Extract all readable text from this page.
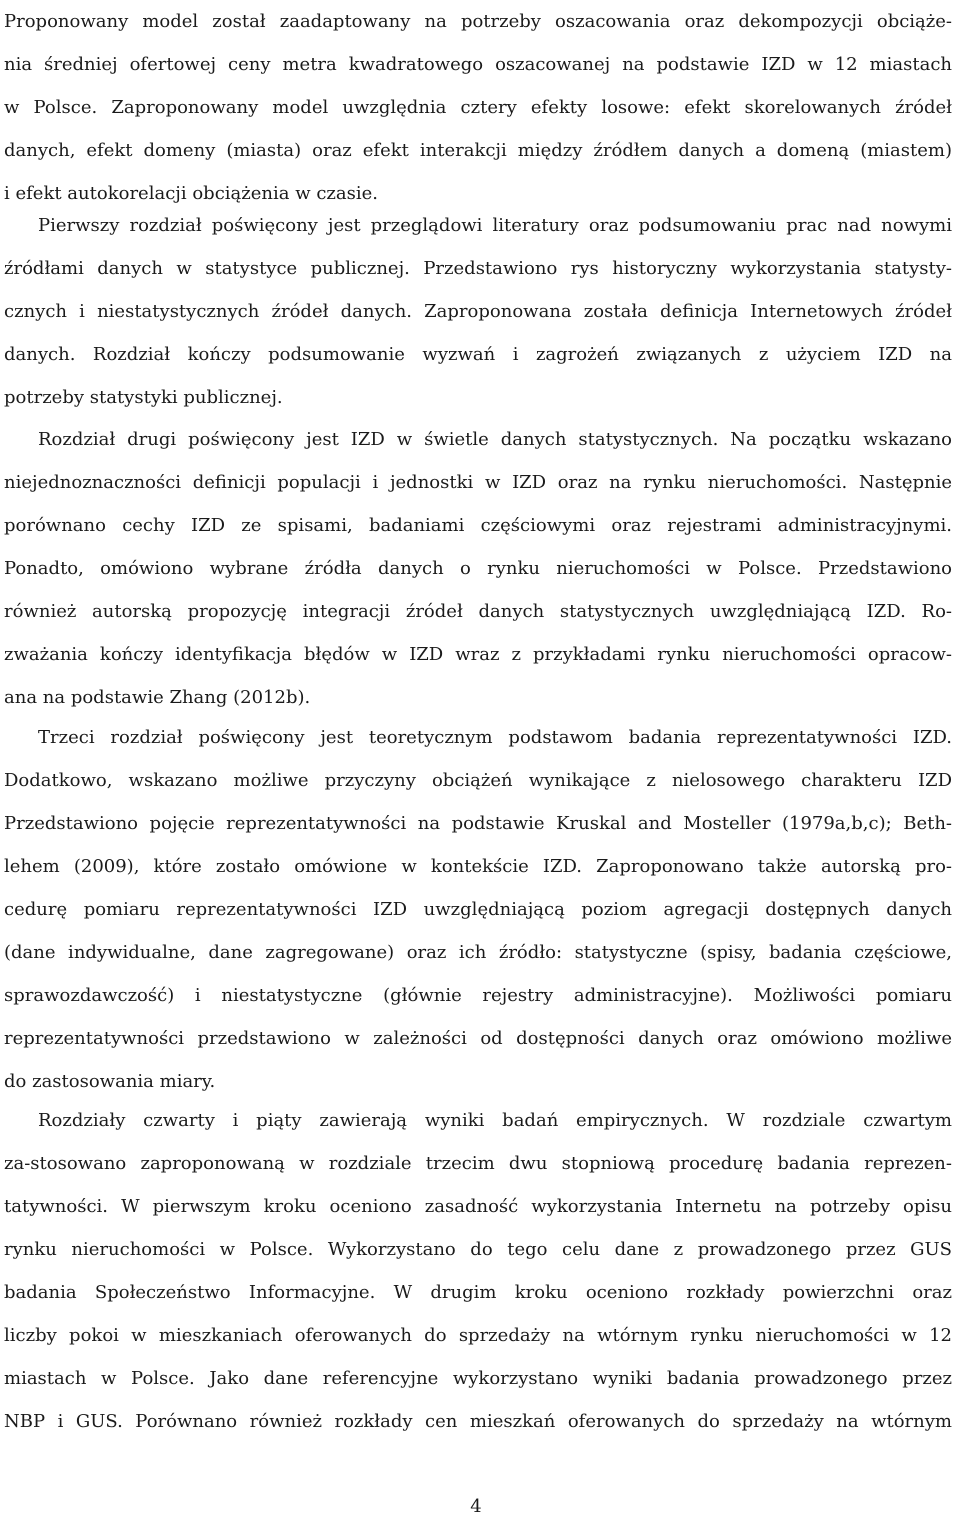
Proponowany model został zaadaptowany na potrzeby oszacowania oraz dekompozycji obciąże-
nia średniej ofertowej ceny metra kwadratowego oszacowanej na podstawie IZD w 12 miastach
w Polsce. Zaproponowany model uwzględnia cztery efekty losowe: efekt skorelowanych źródeł
danych, efekt domeny (miasta) oraz efekt interakcji między źródłem danych a domeną (miastem)
i efekt autokorelacji obciążenia w czasie.
Pierwszy rozdział poświęcony jest przeglądowi literatury oraz podsumowaniu prac nad nowymi
źródłami danych w statystyce publicznej. Przedstawiono rys historyczny wykorzystania statysty-
cznych i niestatystycznych źródeł danych. Zaproponowana została definicja Internetowych źródeł
danych. Rozdział kończy podsumowanie wyzwań i zagrożeń związanych z użyciem IZD na
potrzeby statystyki publicznej.
Rozdział drugi poświęcony jest IZD w świetle danych statystycznych. Na początku wskazano
niejednoznaczności definicji populacji i jednostki w IZD oraz na rynku nieruchomości. Następnie
porównano cechy IZD ze spisami, badaniami częściowymi oraz rejestrami administracyjnymi.
Ponadto, omówiono wybrane źródła danych o rynku nieruchomości w Polsce. Przedstawiono
również autorską propozycję integracji źródeł danych statystycznych uwzględniającą IZD. Ro-
zważania kończy identyfikacja błędów w IZD wraz z przykładami rynku nieruchomości opracow-
ana na podstawie Zhang (2012b).
Trzeci rozdział poświęcony jest teoretycznym podstawom badania reprezentatywności IZD.
Dodatkowo, wskazano możliwe przyczyny obciążeń wynikające z nielosowego charakteru IZD
Przedstawiono pojęcie reprezentatywności na podstawie Kruskal and Mosteller (1979a,b,c); Beth-
lehem (2009), które zostało omówione w kontekście IZD. Zaproponowano także autorską pro-
cedurę pomiaru reprezentatywności IZD uwzględniającą poziom agregacji dostępnych danych
(dane indywidualne, dane zagregowane) oraz ich źródło: statystyczne (spisy, badania częściowe,
sprawozdawczość) i niestatystyczne (głównie rejestry administracyjne). Możliwości pomiaru
reprezentatywności przedstawiono w zależności od dostępności danych oraz omówiono możliwe
do zastosowania miary.
Rozdziały czwarty i piąty zawierają wyniki badań empirycznych. W rozdziale czwartym
za-stosowano zaproponowaną w rozdziale trzecim dwu stopniową procedurę badania reprezen-
tatywności. W pierwszym kroku oceniono zasadność wykorzystania Internetu na potrzeby opisu
rynku nieruchomości w Polsce. Wykorzystano do tego celu dane z prowadzonego przez GUS
badania Społeczeństwo Informacyjne. W drugim kroku oceniono rozkłady powierzchni oraz
liczby pokoi w mieszkaniach oferowanych do sprzedaży na wtórnym rynku nieruchomości w 12
miastach w Polsce. Jako dane referencyjne wykorzystano wyniki badania prowadzonego przez
NBP i GUS. Porównano również rozkłady cen mieszkań oferowanych do sprzedaży na wtórnym
4
